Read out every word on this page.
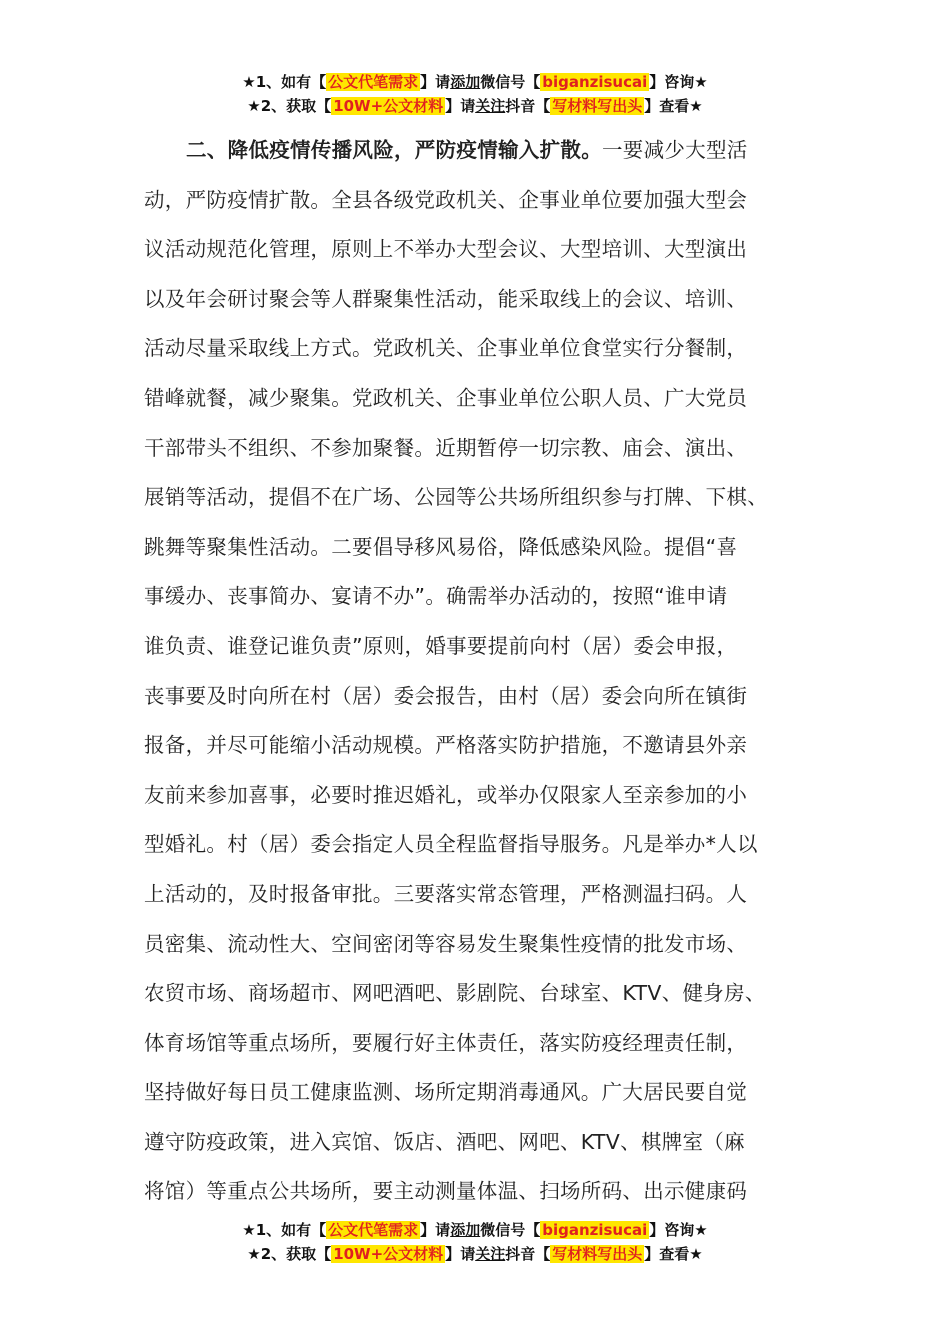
★1、如有【 公文代笔需求 】请添加微信号【 biganzisucai 】咨询★
★2、获取【 10W+公文材料 】请关注抖音【 写材料写出头 】查看★
二、降低疫情传播风险，严防疫情输入扩散。一要减少大型活
动，严防疫情扩散。全县各级党政机关、企事业单位要加强大型会
议活动规范化管理，原则上不举办大型会议、大型培训、大型演出
以及年会研讨聚会等人群聚集性活动，能采取线上的会议、培训、
活动尽量采取线上方式。党政机关、企事业单位食堂实行分餐制，
错峰就餐，减少聚集。党政机关、企事业单位公职人员、广大党员
干部带头不组织、不参加聚餐。近期暂停一切宗教、庙会、演出、
展销等活动，提倡不在广场、公园等公共场所组织参与打牌、下棋、
跳舞等聚集性活动。二要倡导移风易俗，降低感染风险。提倡“喜
事缓办、丧事简办、宴请不办”。确需举办活动的，按照“谁申请
谁负责、谁登记谁负责”原则，婚事要提前向村（居）委会申报，
丧事要及时向所在村（居）委会报告，由村（居）委会向所在镇街
报备，并尽可能缩小活动规模。严格落实防护措施，不邀请县外亲
友前来参加喜事，必要时推迟婚礼，或举办仅限家人至亲参加的小
型婚礼。村（居）委会指定人员全程监督指导服务。凡是举办*人以
上活动的，及时报备审批。三要落实常态管理，严格测温扫码。人
员密集、流动性大、空间密闭等容易发生聚集性疫情的批发市场、
农贸市场、商场超市、网吧酒吧、影剧院、台球室、KTV、健身房、
体育场馆等重点场所，要履行好主体责任，落实防疫经理责任制，
坚持做好每日员工健康监测、场所定期消毒通风。广大居民要自觉
遵守防疫政策，进入宾馆、饭店、酒吧、网吧、KTV、棋牌室（麻
将馆）等重点公共场所，要主动测量体温、扫场所码、出示健康码
★1、如有【 公文代笔需求 】请添加微信号【 biganzisucai 】咨询★
★2、获取【 10W+公文材料 】请关注抖音【 写材料写出头 】查看★
